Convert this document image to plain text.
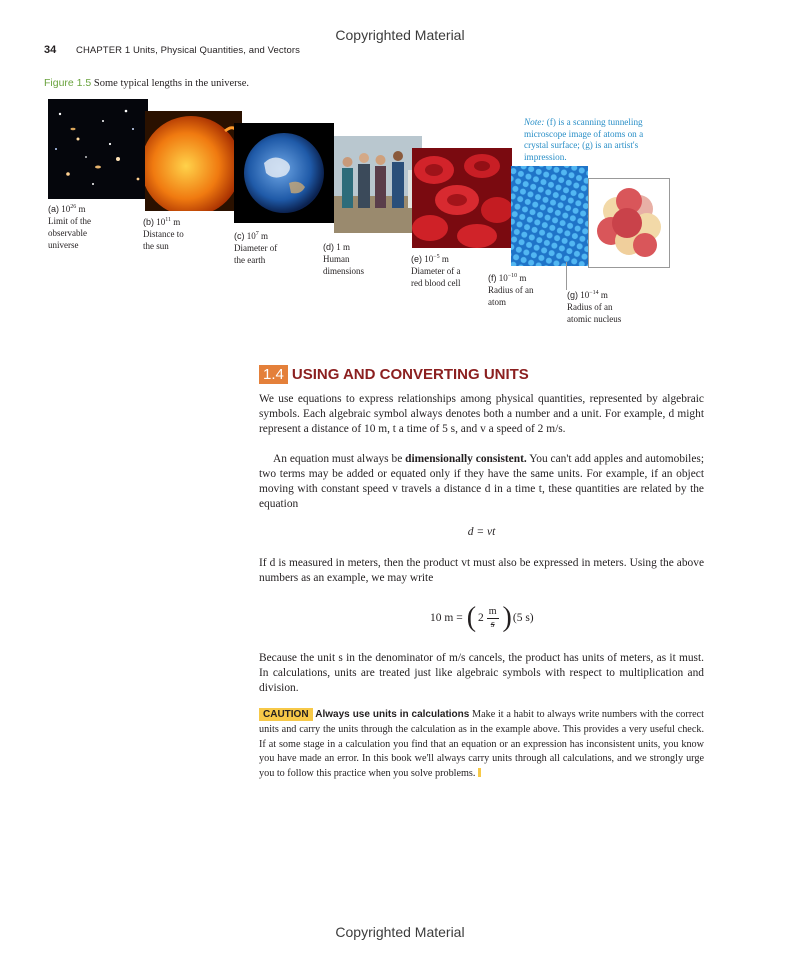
Copyrighted Material
34 CHAPTER 1 Units, Physical Quantities, and Vectors
Figure 1.5 Some typical lengths in the universe.
(a) $10^{26}$ m
Limit of the
observable
universe
(b) $10^{11}$ m
Distance to
the sun
(c) $10^7$ m
Diameter of
the earth
(d) 1 m
Human
dimensions
(e) $10^{-5}$ m
Diameter of a
red blood cell	(f) $10^{-10}$ m
Radius of an
atom
(g) $10^{-14}$ m
Radius of an
atomic nucleus
Note: (f) is a scanning tunneling microscope image of atoms on a crystal surface; (g) is an artist's impression.
1.4 USING AND CONVERTING UNITS
We use equations to express relationships among physical quantities, represented by algebraic symbols. Each algebraic symbol always denotes both a number and a unit. For example, d might represent a distance of 10 m, t a time of 5 s, and v a speed of 2 m/s.
An equation must always be dimensionally consistent. You can't add apples and automobiles; two terms may be added or equated only if they have the same units. For example, if an object moving with constant speed v travels a distance d in a time t, these quantities are related by the equation
d = vt
If d is measured in meters, then the product vt must also be expressed in meters. Using the above numbers as an example, we may write
10 m = ( 2
m
s ) (5 s)
Because the unit s in the denominator of m/s cancels, the product has units of meters, as it must. In calculations, units are treated just like algebraic symbols with respect to multiplication and division.
CAUTION Always use units in calculations Make it a habit to always write numbers with the correct units and carry the units through the calculation as in the example above. This provides a very useful check. If at some stage in a calculation you find that an equation or an expression has inconsistent units, you know you have made an error. In this book we'll always carry units through all calculations, and we strongly urge you to follow this practice when you solve problems.
Copyrighted Material
